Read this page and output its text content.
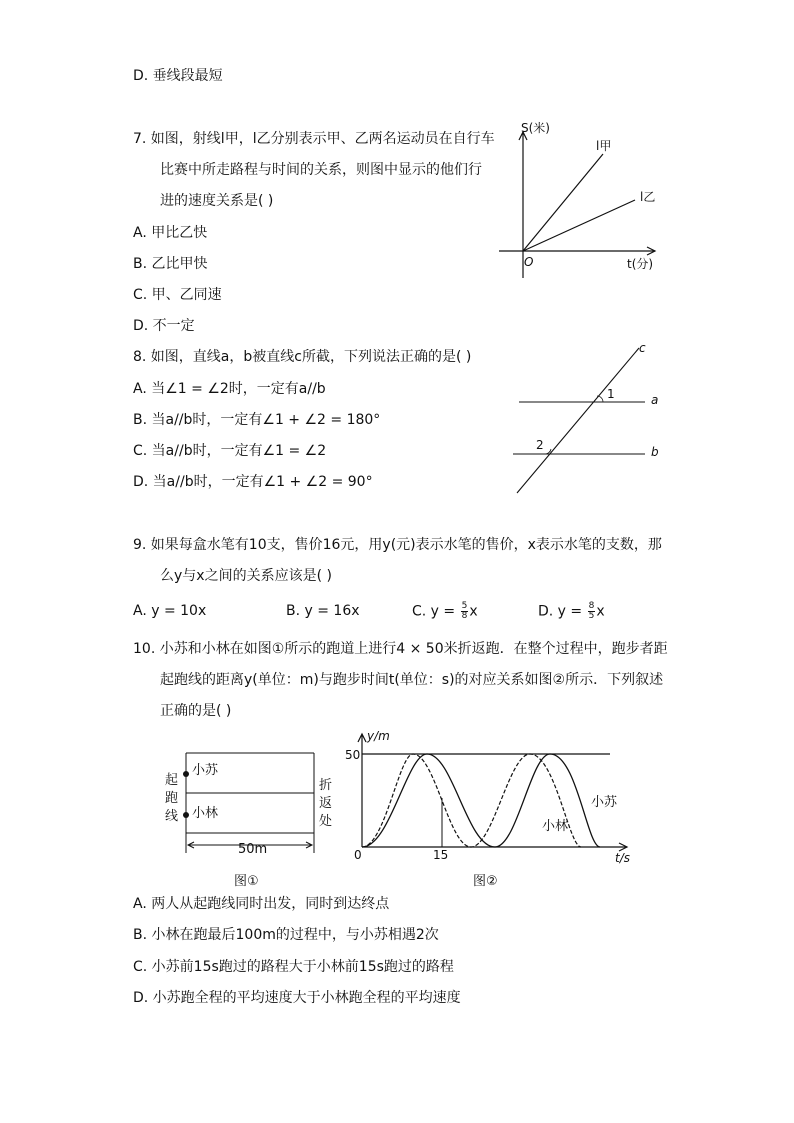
D. 垂线段最短
7. 如图，射线l甲，l乙分别表示甲、乙两名运动员在自行车
比赛中所走路程与时间的关系，则图中显示的他们行
进的速度关系是( )
A. 甲比乙快
B. 乙比甲快
C. 甲、乙同速
D. 不一定
S(米)
t(分)
O
l甲
l乙
8. 如图，直线a，b被直线c所截，下列说法正确的是( )
A. 当∠1 = ∠2时，一定有a//b
B. 当a//b时，一定有∠1 + ∠2 = 180°
C. 当a//b时，一定有∠1 = ∠2
D. 当a//b时，一定有∠1 + ∠2 = 90°
c
a
b
1
2
9. 如果每盒水笔有10支，售价16元，用y(元)表示水笔的售价，x表示水笔的支数，那
么y与x之间的关系应该是( )
A. y = 10x	B. y = 16x	C. $y = \frac{5}{8}$ x	D. $y = \frac{8}{5}$ x
10. 小苏和小林在如图①所示的跑道上进行4 × 50米折返跑．在整个过程中，跑步者距
起跑线的距离y(单位：m)与跑步时间t(单位：s)的对应关系如图②所示．下列叙述
正确的是( )
小苏
小林
起
跑
线
折
返
处
50m
图①
y/m
50
0	15	t/s
小苏
小林
图②
A. 两人从起跑线同时出发，同时到达终点
B. 小林在跑最后100m的过程中，与小苏相遇2次
C. 小苏前15s跑过的路程大于小林前15s跑过的路程
D. 小苏跑全程的平均速度大于小林跑全程的平均速度
